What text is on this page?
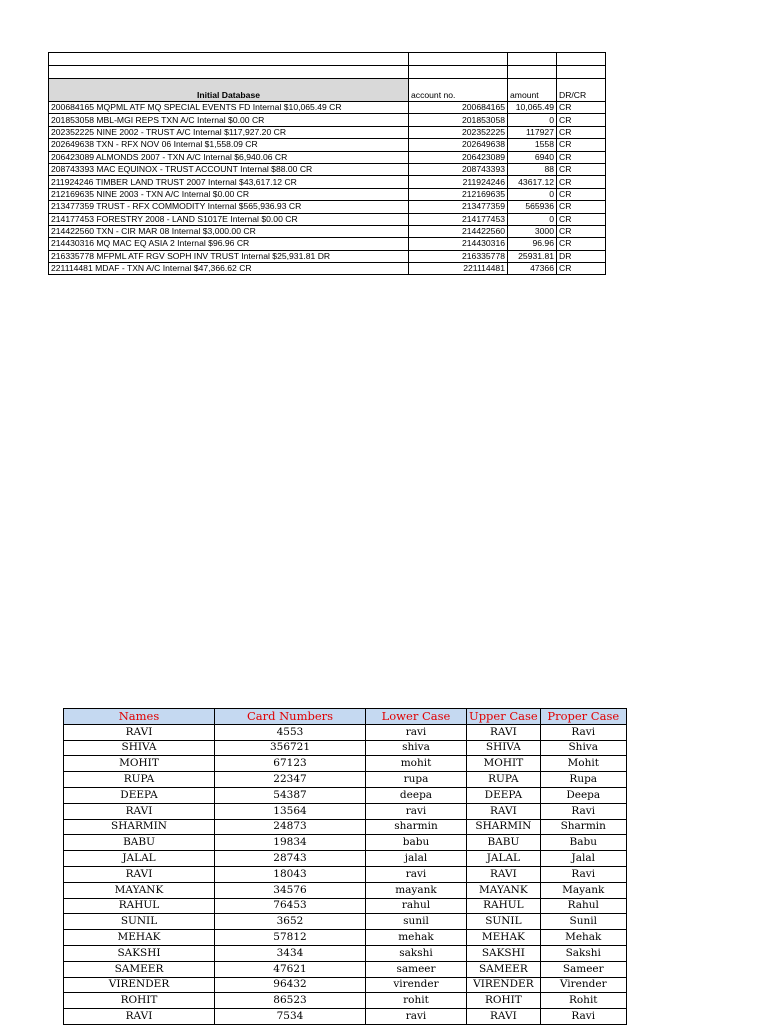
Initial Database	account no.	amount	DR/CR
200684165 MQPML ATF MQ SPECIAL EVENTS FD Internal $10,065.49 CR	200684165	10,065.49	CR
201853058 MBL-MGI REPS TXN A/C Internal $0.00 CR	201853058	0	CR
202352225 NINE 2002 - TRUST A/C Internal $117,927.20 CR	202352225	117927	CR
202649638 TXN - RFX NOV 06 Internal $1,558.09 CR	202649638	1558	CR
206423089 ALMONDS 2007 - TXN A/C Internal $6,940.06 CR	206423089	6940	CR
208743393 MAC EQUINOX - TRUST ACCOUNT Internal $88.00 CR	208743393	88	CR
211924246 TIMBER LAND TRUST 2007 Internal $43,617.12 CR	211924246	43617.12	CR
212169635 NINE 2003 - TXN A/C Internal $0.00 CR	212169635	0	CR
213477359 TRUST - RFX COMMODITY Internal $565,936.93 CR	213477359	565936	CR
214177453 FORESTRY 2008 - LAND S1017E Internal $0.00 CR	214177453	0	CR
214422560 TXN - CIR MAR 08 Internal $3,000.00 CR	214422560	3000	CR
214430316 MQ MAC EQ ASIA 2 Internal $96.96 CR	214430316	96.96	CR
216335778 MFPML ATF RGV SOPH INV TRUST Internal $25,931.81 DR	216335778	25931.81	DR
221114481 MDAF - TXN A/C Internal $47,366.62 CR	221114481	47366	CR
Names	Card Numbers	Lower Case	Upper Case	Proper Case
RAVI	4553	ravi	RAVI	Ravi
SHIVA	356721	shiva	SHIVA	Shiva
MOHIT	67123	mohit	MOHIT	Mohit
RUPA	22347	rupa	RUPA	Rupa
DEEPA	54387	deepa	DEEPA	Deepa
RAVI	13564	ravi	RAVI	Ravi
SHARMIN	24873	sharmin	SHARMIN	Sharmin
BABU	19834	babu	BABU	Babu
JALAL	28743	jalal	JALAL	Jalal
RAVI	18043	ravi	RAVI	Ravi
MAYANK	34576	mayank	MAYANK	Mayank
RAHUL	76453	rahul	RAHUL	Rahul
SUNIL	3652	sunil	SUNIL	Sunil
MEHAK	57812	mehak	MEHAK	Mehak
SAKSHI	3434	sakshi	SAKSHI	Sakshi
SAMEER	47621	sameer	SAMEER	Sameer
VIRENDER	96432	virender	VIRENDER	Virender
ROHIT	86523	rohit	ROHIT	Rohit
RAVI	7534	ravi	RAVI	Ravi
